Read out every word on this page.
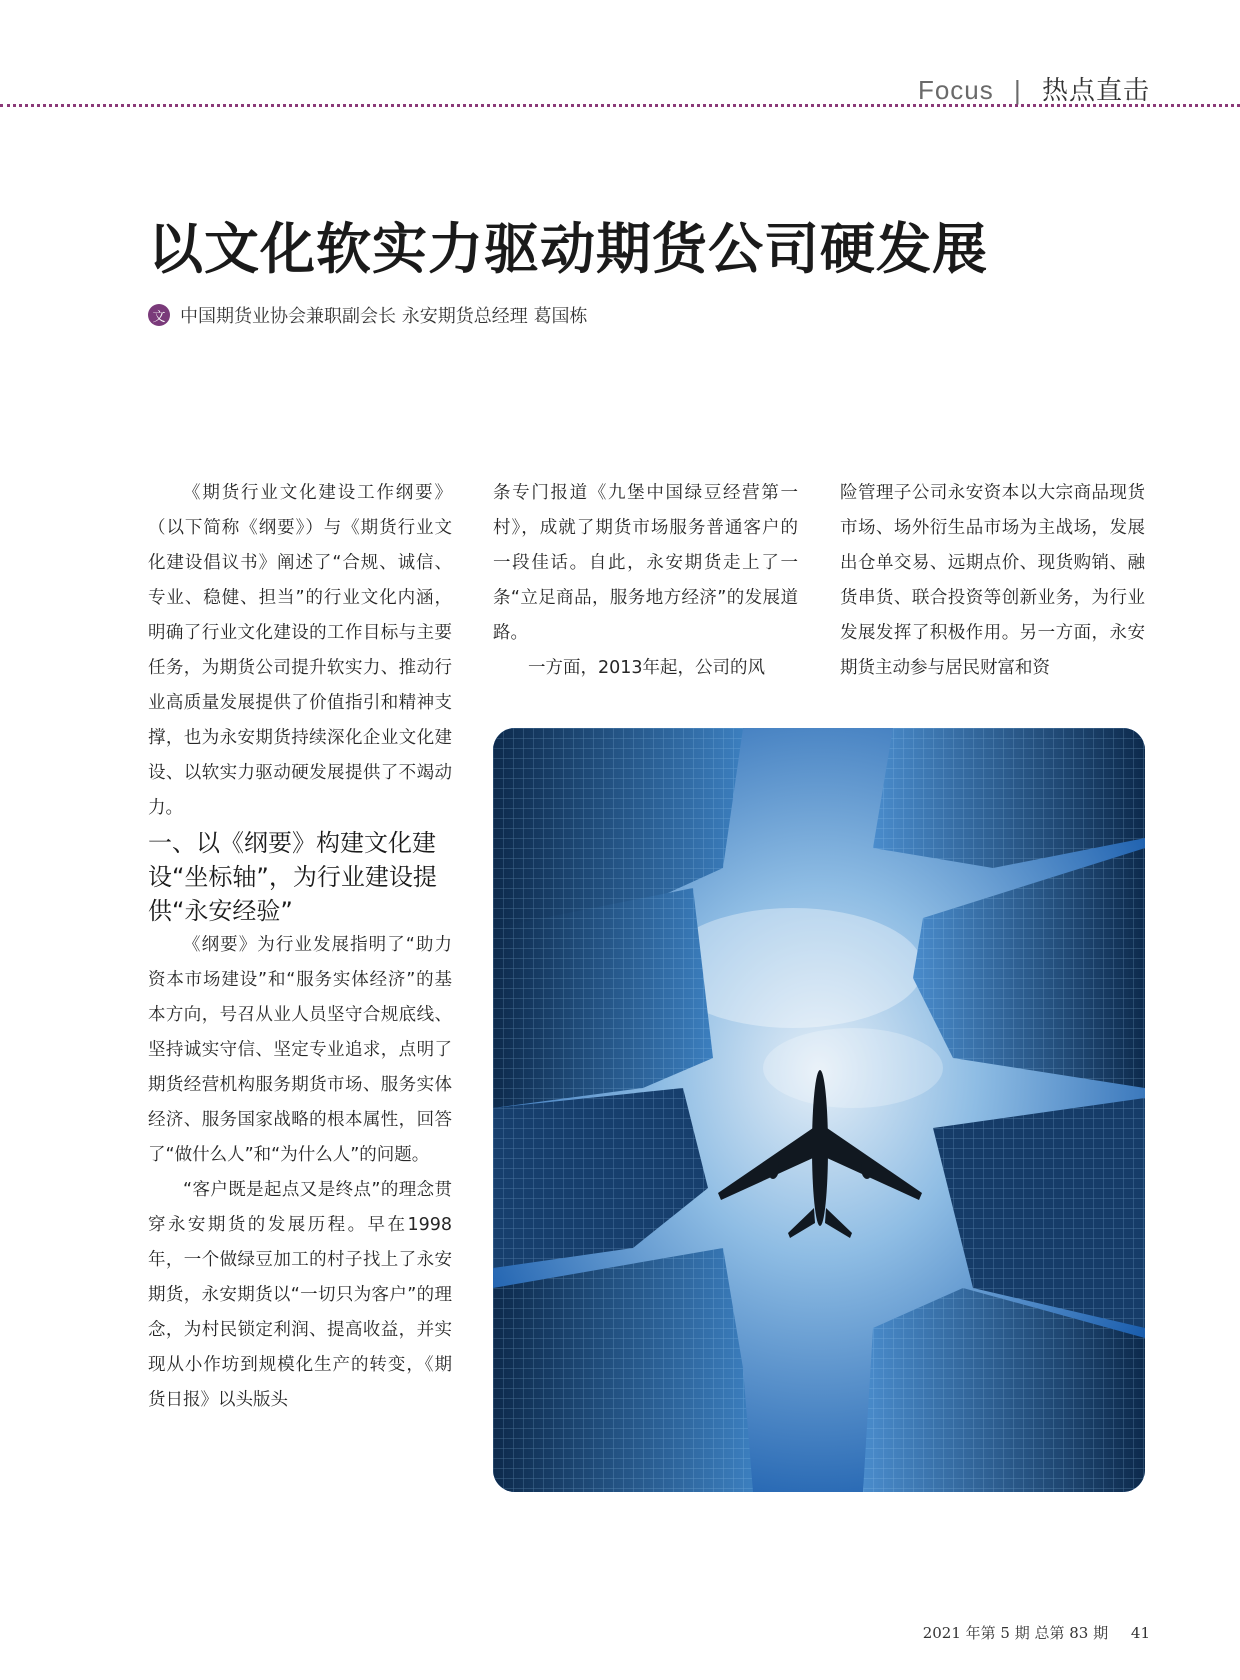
Focus | 热点直击
以文化软实力驱动期货公司硬发展
文 中国期货业协会兼职副会长 永安期货总经理 葛国栋

《期货行业文化建设工作纲要》（以下简称《纲要》）与《期货行业文化建设倡议书》阐述了“合规、诚信、专业、稳健、担当”的行业文化内涵，明确了行业文化建设的工作目标与主要任务，为期货公司提升软实力、推动行业高质量发展提供了价值指引和精神支撑，也为永安期货持续深化企业文化建设、以软实力驱动硬发展提供了不竭动力。

一、以《纲要》构建文化建设“坐标轴”，为行业建设提供“永安经验”

《纲要》为行业发展指明了“助力资本市场建设”和“服务实体经济”的基本方向，号召从业人员坚守合规底线、坚持诚实守信、坚定专业追求，点明了期货经营机构服务期货市场、服务实体经济、服务国家战略的根本属性，回答了“做什么人”和“为什么人”的问题。

“客户既是起点又是终点”的理念贯穿永安期货的发展历程。早在1998年，一个做绿豆加工的村子找上了永安期货，永安期货以“一切只为客户”的理念，为村民锁定利润、提高收益，并实现从小作坊到规模化生产的转变，《期货日报》以头版头

条专门报道《九堡中国绿豆经营第一村》，成就了期货市场服务普通客户的一段佳话。自此，永安期货走上了一条“立足商品，服务地方经济”的发展道路。

一方面，2013年起，公司的风

险管理子公司永安资本以大宗商品现货市场、场外衍生品市场为主战场，发展出仓单交易、远期点价、现货购销、融货串货、联合投资等创新业务，为行业发展发挥了积极作用。另一方面，永安期货主动参与居民财富和资

2021 年第 5 期 总第 83 期 41
